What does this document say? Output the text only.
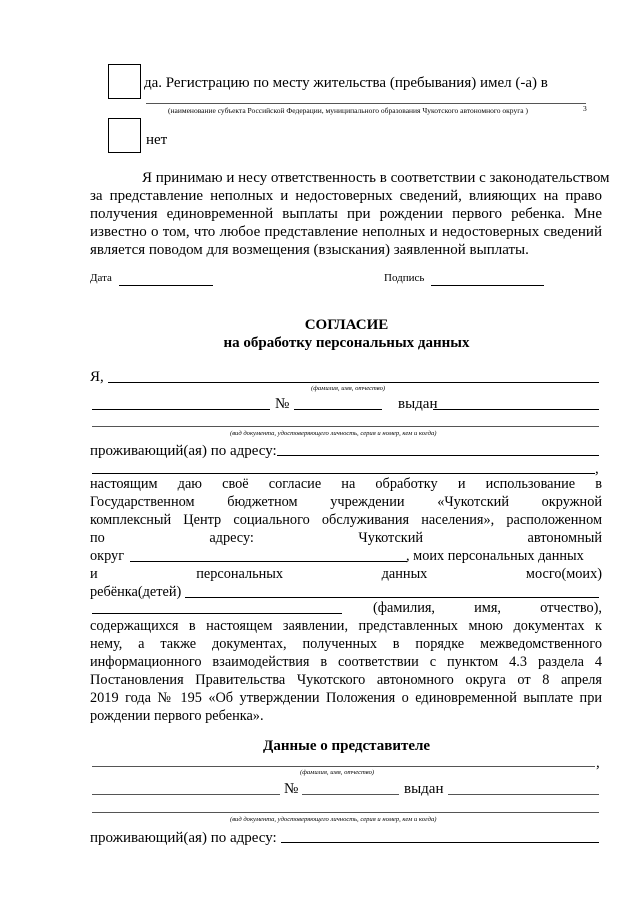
да. Регистрацию по месту жительства (пребывания) имел (-а) в
(наименование субъекта Российской Федерации, муниципального образования Чукотского автономного округа )	3
нет
Я принимаю и несу ответственность в соответствии с законодательством
за представление неполных и недостоверных сведений, влияющих на право
получения единовременной выплаты при рождении первого ребенка. Мне
известно о том, что любое представление неполных и недостоверных сведений
является поводом для возмещения (взыскания) заявленной выплаты.
Дата	Подпись
СОГЛАСИЕ
на обработку персональных данных
Я,
(фамилия, имя, отчество)
№	выдан
(вид документа, удостоверяющего личность, серия и номер, кем и когда)
проживающий(ая) по адресу:
,
настоящим даю своё согласие на обработку и использование в
Государственном бюджетном учреждении «Чукотский окружной
комплексный Центр социального обслуживания населения», расположенном
по адресу: Чукотский автономный
округ	, моих персональных данных
и персональных данных мосго(моих)
ребёнка(детей)
(фамилия, имя, отчество),
содержащихся в настоящем заявлении, представленных мною документах к
нему, а также документах, полученных в порядке межведомственного
информационного взаимодействия в соответствии с пунктом 4.3 раздела 4
Постановления Правительства Чукотского автономного округа от 8 апреля
2019 года № 195 «Об утверждении Положения о единовременной выплате при
рождении первого ребенка».
Данные о представителе
,
(фамилия, имя, отчество)
№	выдан
(вид документа, удостоверяющего личность, серия и номер, кем и когда)
проживающий(ая) по адресу:
